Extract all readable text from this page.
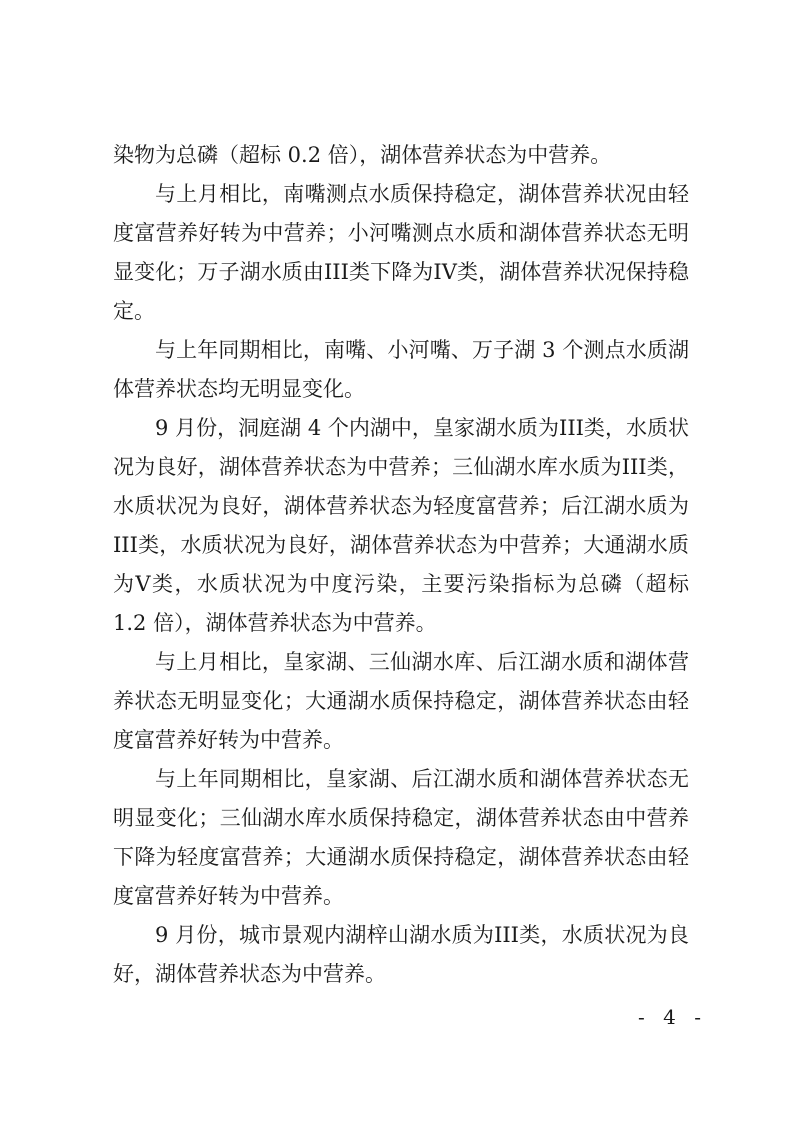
染物为总磷（超标 0.2 倍），湖体营养状态为中营养。

与上月相比，南嘴测点水质保持稳定，湖体营养状况由轻度富营养好转为中营养；小河嘴测点水质和湖体营养状态无明显变化；万子湖水质由III类下降为IV类，湖体营养状况保持稳定。

与上年同期相比，南嘴、小河嘴、万子湖 3 个测点水质湖体营养状态均无明显变化。

9 月份，洞庭湖 4 个内湖中，皇家湖水质为III类，水质状况为良好，湖体营养状态为中营养；三仙湖水库水质为III类，水质状况为良好，湖体营养状态为轻度富营养；后江湖水质为III类，水质状况为良好，湖体营养状态为中营养；大通湖水质为V类，水质状况为中度污染，主要污染指标为总磷（超标 1.2 倍），湖体营养状态为中营养。

与上月相比，皇家湖、三仙湖水库、后江湖水质和湖体营养状态无明显变化；大通湖水质保持稳定，湖体营养状态由轻度富营养好转为中营养。

与上年同期相比，皇家湖、后江湖水质和湖体营养状态无明显变化；三仙湖水库水质保持稳定，湖体营养状态由中营养下降为轻度富营养；大通湖水质保持稳定，湖体营养状态由轻度富营养好转为中营养。

9 月份，城市景观内湖梓山湖水质为III类，水质状况为良好，湖体营养状态为中营养。

- 4 -
